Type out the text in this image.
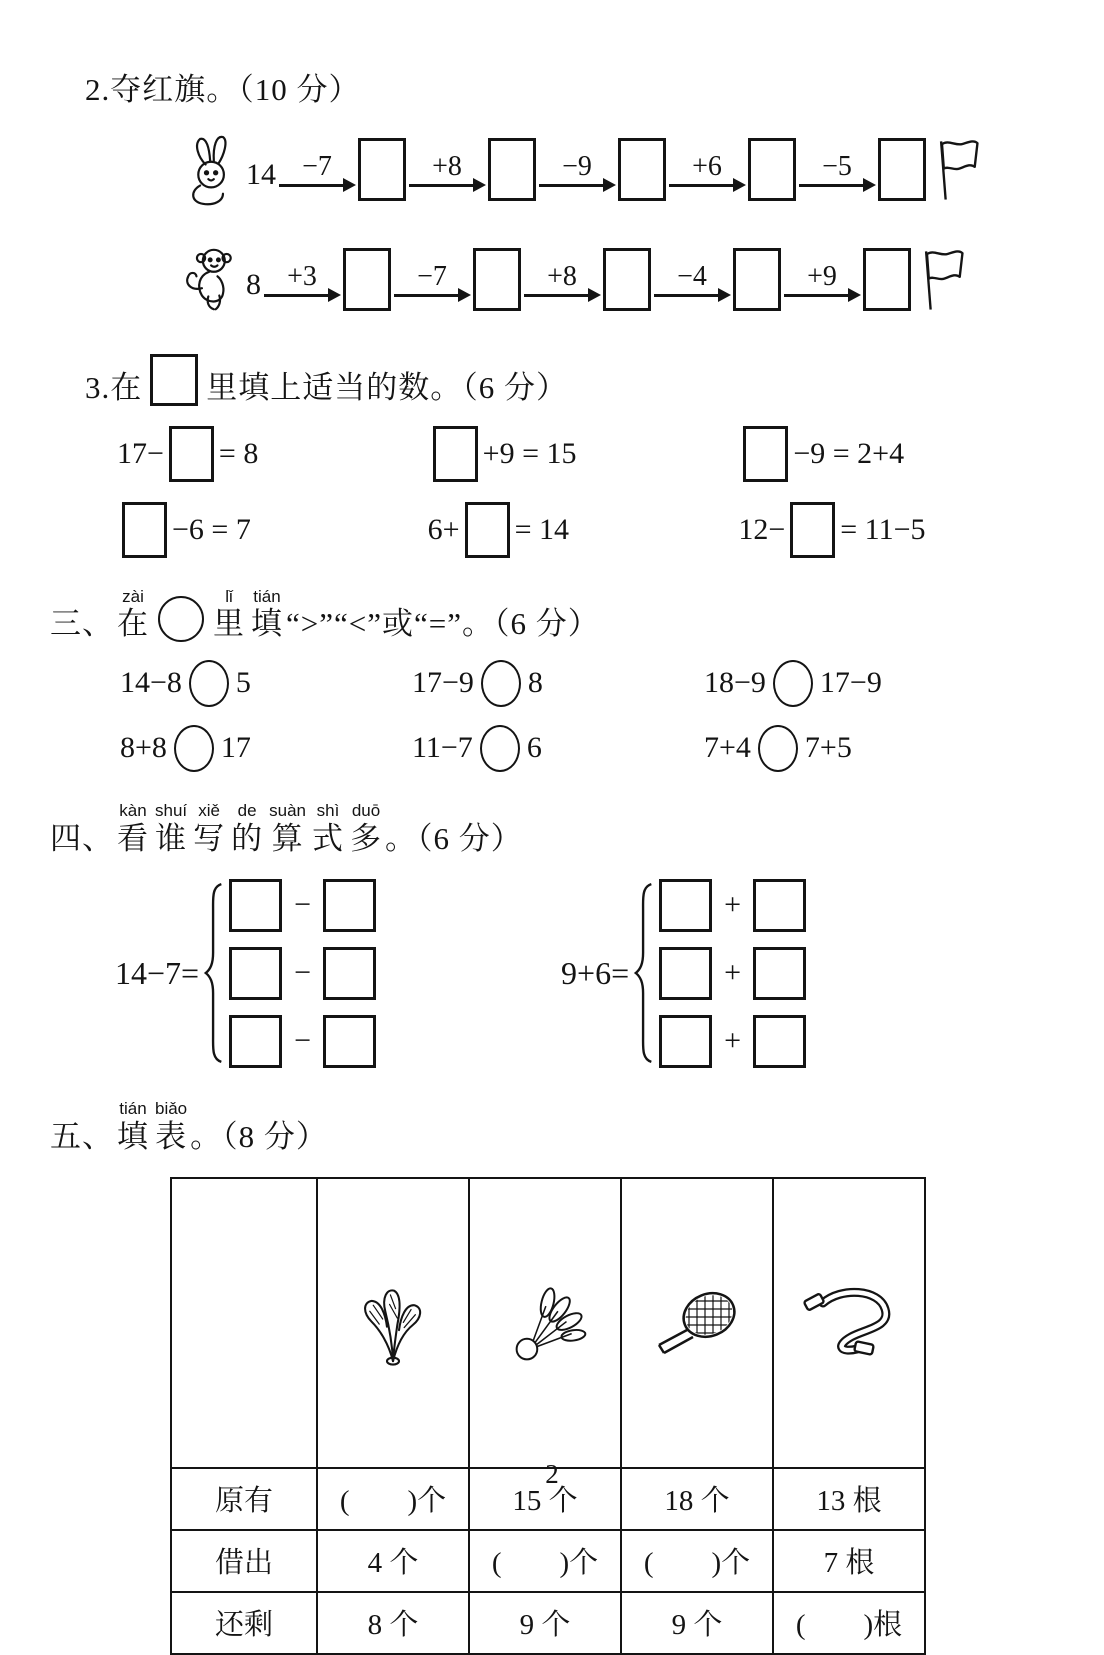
2.夺红旗。（10 分）
14 −7	+8	−9	+6	−5
8 +3	−7	+8	−4	+9
3.在 里填上适当的数。（6 分）
17− = 8	+9 = 15	−9 = 2+4
−6 = 7	6+ = 14	12− = 11−5
三、
zài
在
lǐ
里
tián
填 “>”“<”或“=”。（6 分）
14−8 5	17−9 8	18−9 17−9
8+8 17	11−7 6	7+4 7+5
四、
kàn
看
shuí
谁
xiě
写
de
的
suàn
算
shì
式
duō
多 。（6 分）
14−7=
−
−
−
9+6=
+
+
+
五、
tián
填
biǎo
表 。（8 分）

原有	(　　)个	15 个	18 个	13 根
借出	4 个	(　　)个	(　　)个	7 根
还剩	8 个	9 个	9 个	(　　)根
2
